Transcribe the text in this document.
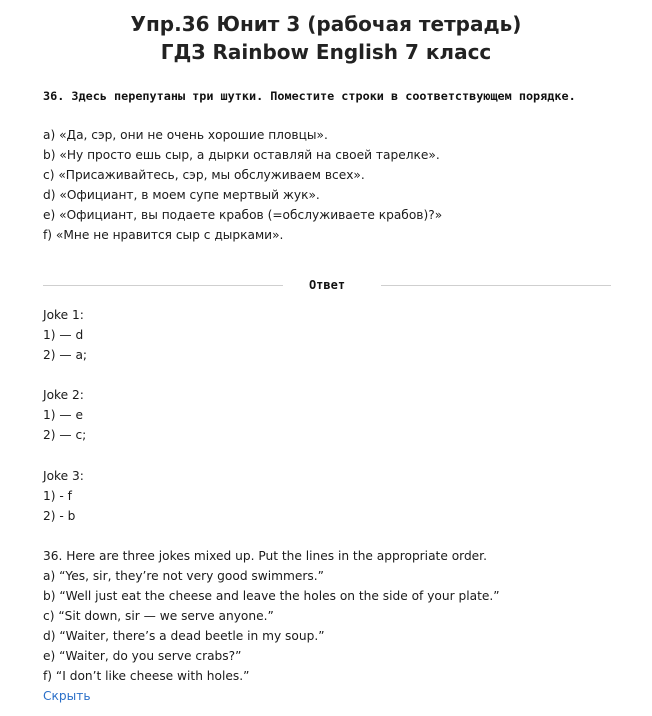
Упр.36 Юнит 3 (рабочая тетрадь)
ГДЗ Rainbow English 7 класс
36. Здесь перепутаны три шутки. Поместите строки в соответствующем порядке.
a) «Да, сэр, они не очень хорошие пловцы».
b) «Ну просто ешь сыр, а дырки оставляй на своей тарелке».
c) «Присаживайтесь, сэр, мы обслуживаем всех».
d) «Официант, в моем супе мертвый жук».
e) «Официант, вы подаете крабов (=обслуживаете крабов)?»
f) «Мне не нравится сыр с дырками».
Ответ
Joke 1:
1) — d
2) — a;
Joke 2:
1) — e
2) — c;
Joke 3:
1) - f
2) - b
36. Here are three jokes mixed up. Put the lines in the appropriate order.
a) “Yes, sir, they’re not very good swimmers.”
b) “Well just eat the cheese and leave the holes on the side of your plate.”
c) “Sit down, sir — we serve anyone.”
d) “Waiter, there’s a dead beetle in my soup.”
e) “Waiter, do you serve crabs?”
f) “I don’t like cheese with holes.”
Скрыть
